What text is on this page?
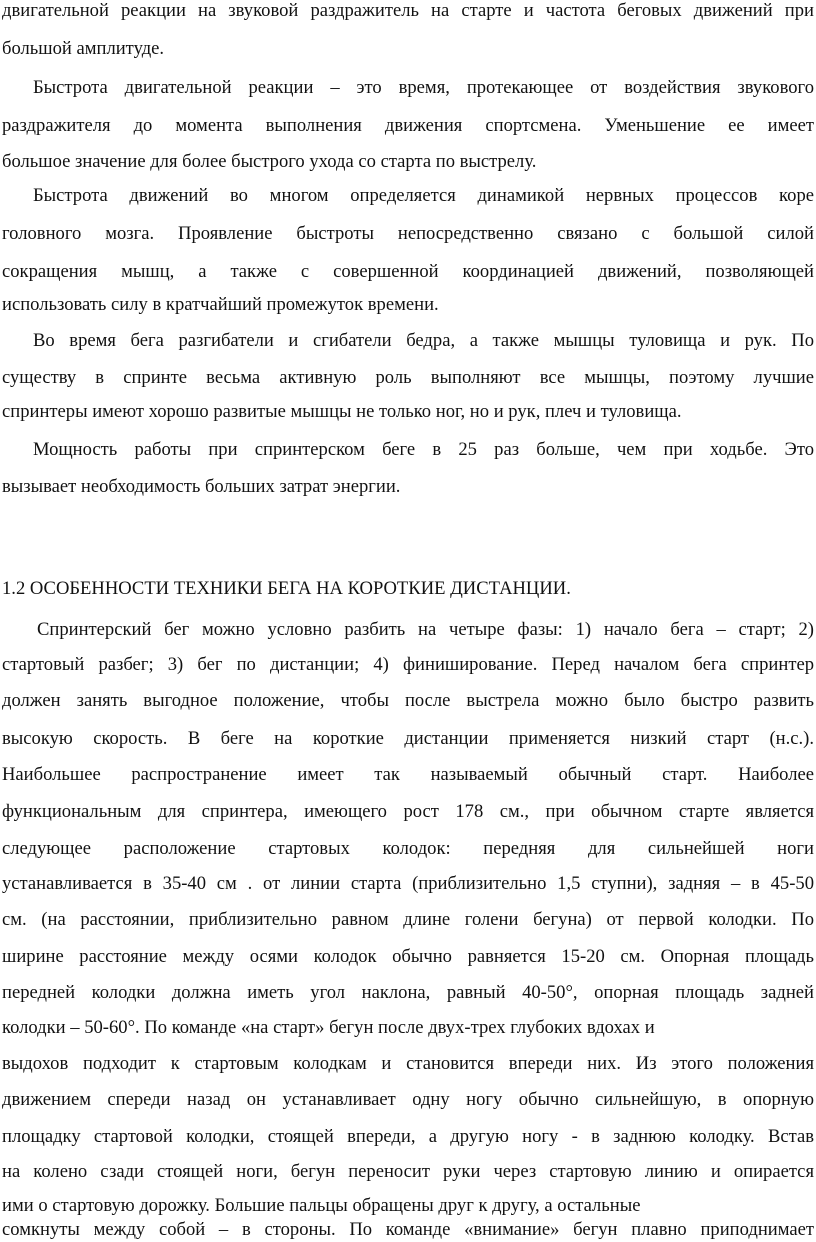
двигательной реакции на звуковой раздражитель на старте и частота беговых движений при
большой амплитуде.
Быстрота двигательной реакции – это время, протекающее от воздействия звукового
раздражителя до момента выполнения движения спортсмена. Уменьшение ее имеет
большое значение для более быстрого ухода со старта по выстрелу.
Быстрота движений во многом определяется динамикой нервных процессов коре
головного мозга. Проявление быстроты непосредственно связано с большой силой
сокращения мышц, а также с совершенной координацией движений, позволяющей
использовать силу в кратчайший промежуток времени.
Во время бега разгибатели и сгибатели бедра, а также мышцы туловища и рук. По
существу в спринте весьма активную роль выполняют все мышцы, поэтому лучшие
спринтеры имеют хорошо развитые мышцы не только ног, но и рук, плеч и туловища.
Мощность работы при спринтерском беге в 25 раз больше, чем при ходьбе. Это
вызывает необходимость больших затрат энергии.
1.2 ОСОБЕННОСТИ ТЕХНИКИ БЕГА НА КОРОТКИЕ ДИСТАНЦИИ.
Спринтерский бег можно условно разбить на четыре фазы: 1) начало бега – старт; 2)
стартовый разбег; 3) бег по дистанции; 4) финиширование. Перед началом бега спринтер
должен занять выгодное положение, чтобы после выстрела можно было быстро развить
высокую скорость. В беге на короткие дистанции применяется низкий старт (н.с.).
Наибольшее распространение имеет так называемый обычный старт. Наиболее
функциональным для спринтера, имеющего рост 178 см., при обычном старте является
следующее расположение стартовых колодок: передняя для сильнейшей ноги
устанавливается в 35-40 см . от линии старта (приблизительно 1,5 ступни), задняя – в 45-50
см. (на расстоянии, приблизительно равном длине голени бегуна) от первой колодки. По
ширине расстояние между осями колодок обычно равняется 15-20 см. Опорная площадь
передней колодки должна иметь угол наклона, равный 40-50°, опорная площадь задней
колодки – 50-60°. По команде «на старт» бегун после двух-трех глубоких вдохах и
выдохов подходит к стартовым колодкам и становится впереди них. Из этого положения
движением спереди назад он устанавливает одну ногу обычно сильнейшую, в опорную
площадку стартовой колодки, стоящей впереди, а другую ногу - в заднюю колодку. Встав
на колено сзади стоящей ноги, бегун переносит руки через стартовую линию и опирается
ими о стартовую дорожку. Большие пальцы обращены друг к другу, а остальные
сомкнуты между собой – в стороны. По команде «внимание» бегун плавно приподнимает
